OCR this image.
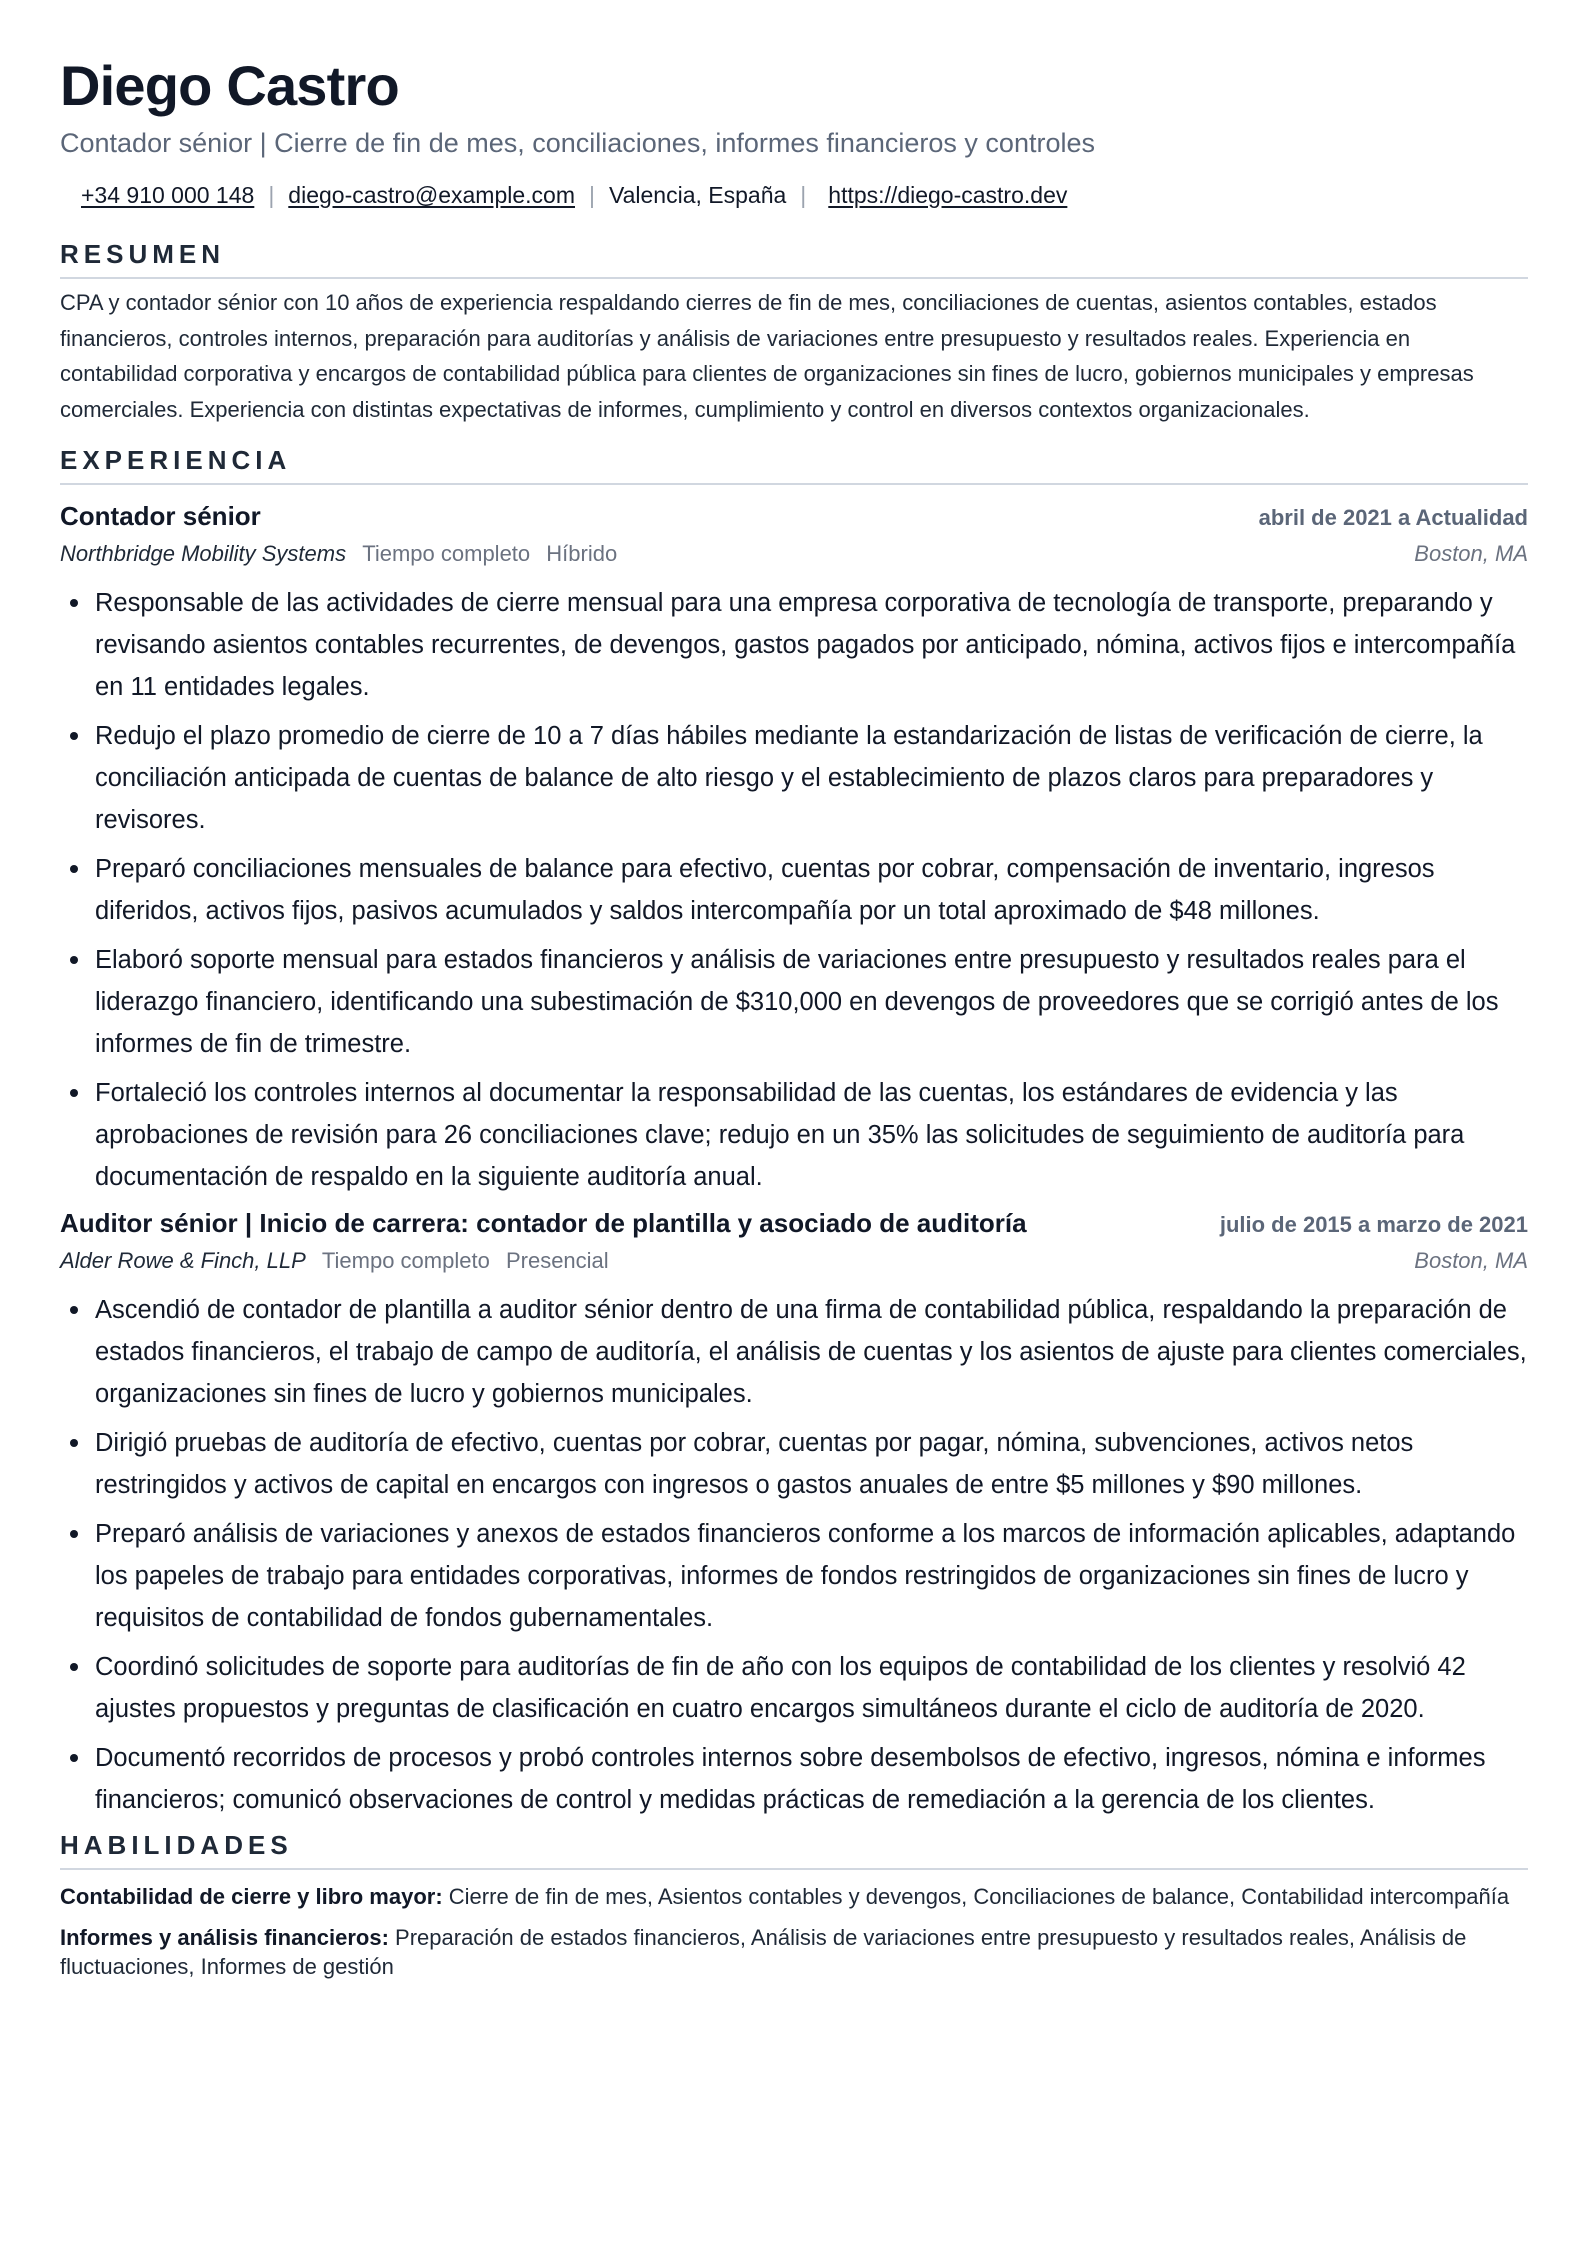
Diego Castro
Contador sénior | Cierre de fin de mes, conciliaciones, informes financieros y controles
+34 910 000 148 | diego-castro@example.com | Valencia, España | https://diego-castro.dev
RESUMEN

CPA y contador sénior con 10 años de experiencia respaldando cierres de fin de mes, conciliaciones de cuentas, asientos contables, estados financieros, controles internos, preparación para auditorías y análisis de variaciones entre presupuesto y resultados reales. Experiencia en contabilidad corporativa y encargos de contabilidad pública para clientes de organizaciones sin fines de lucro, gobiernos municipales y empresas comerciales. Experiencia con distintas expectativas de informes, cumplimiento y control en diversos contextos organizacionales.

EXPERIENCIA
Contador sénior	abril de 2021 a Actualidad
Northbridge Mobility Systems Tiempo completo Híbrido	Boston, MA
Responsable de las actividades de cierre mensual para una empresa corporativa de tecnología de transporte, preparando y revisando asientos contables recurrentes, de devengos, gastos pagados por anticipado, nómina, activos fijos e intercompañía en 11 entidades legales.
Redujo el plazo promedio de cierre de 10 a 7 días hábiles mediante la estandarización de listas de verificación de cierre, la conciliación anticipada de cuentas de balance de alto riesgo y el establecimiento de plazos claros para preparadores y revisores.
Preparó conciliaciones mensuales de balance para efectivo, cuentas por cobrar, compensación de inventario, ingresos diferidos, activos fijos, pasivos acumulados y saldos intercompañía por un total aproximado de $48 millones.
Elaboró soporte mensual para estados financieros y análisis de variaciones entre presupuesto y resultados reales para el liderazgo financiero, identificando una subestimación de $310,000 en devengos de proveedores que se corrigió antes de los informes de fin de trimestre.
Fortaleció los controles internos al documentar la responsabilidad de las cuentas, los estándares de evidencia y las aprobaciones de revisión para 26 conciliaciones clave; redujo en un 35% las solicitudes de seguimiento de auditoría para documentación de respaldo en la siguiente auditoría anual.
Auditor sénior | Inicio de carrera: contador de plantilla y asociado de auditoría	julio de 2015 a marzo de 2021
Alder Rowe & Finch, LLP Tiempo completo Presencial	Boston, MA
Ascendió de contador de plantilla a auditor sénior dentro de una firma de contabilidad pública, respaldando la preparación de estados financieros, el trabajo de campo de auditoría, el análisis de cuentas y los asientos de ajuste para clientes comerciales, organizaciones sin fines de lucro y gobiernos municipales.
Dirigió pruebas de auditoría de efectivo, cuentas por cobrar, cuentas por pagar, nómina, subvenciones, activos netos restringidos y activos de capital en encargos con ingresos o gastos anuales de entre $5 millones y $90 millones.
Preparó análisis de variaciones y anexos de estados financieros conforme a los marcos de información aplicables, adaptando los papeles de trabajo para entidades corporativas, informes de fondos restringidos de organizaciones sin fines de lucro y requisitos de contabilidad de fondos gubernamentales.
Coordinó solicitudes de soporte para auditorías de fin de año con los equipos de contabilidad de los clientes y resolvió 42 ajustes propuestos y preguntas de clasificación en cuatro encargos simultáneos durante el ciclo de auditoría de 2020.
Documentó recorridos de procesos y probó controles internos sobre desembolsos de efectivo, ingresos, nómina e informes financieros; comunicó observaciones de control y medidas prácticas de remediación a la gerencia de los clientes.
HABILIDADES
Contabilidad de cierre y libro mayor: Cierre de fin de mes, Asientos contables y devengos, Conciliaciones de balance, Contabilidad intercompañía
Informes y análisis financieros: Preparación de estados financieros, Análisis de variaciones entre presupuesto y resultados reales, Análisis de fluctuaciones, Informes de gestión
